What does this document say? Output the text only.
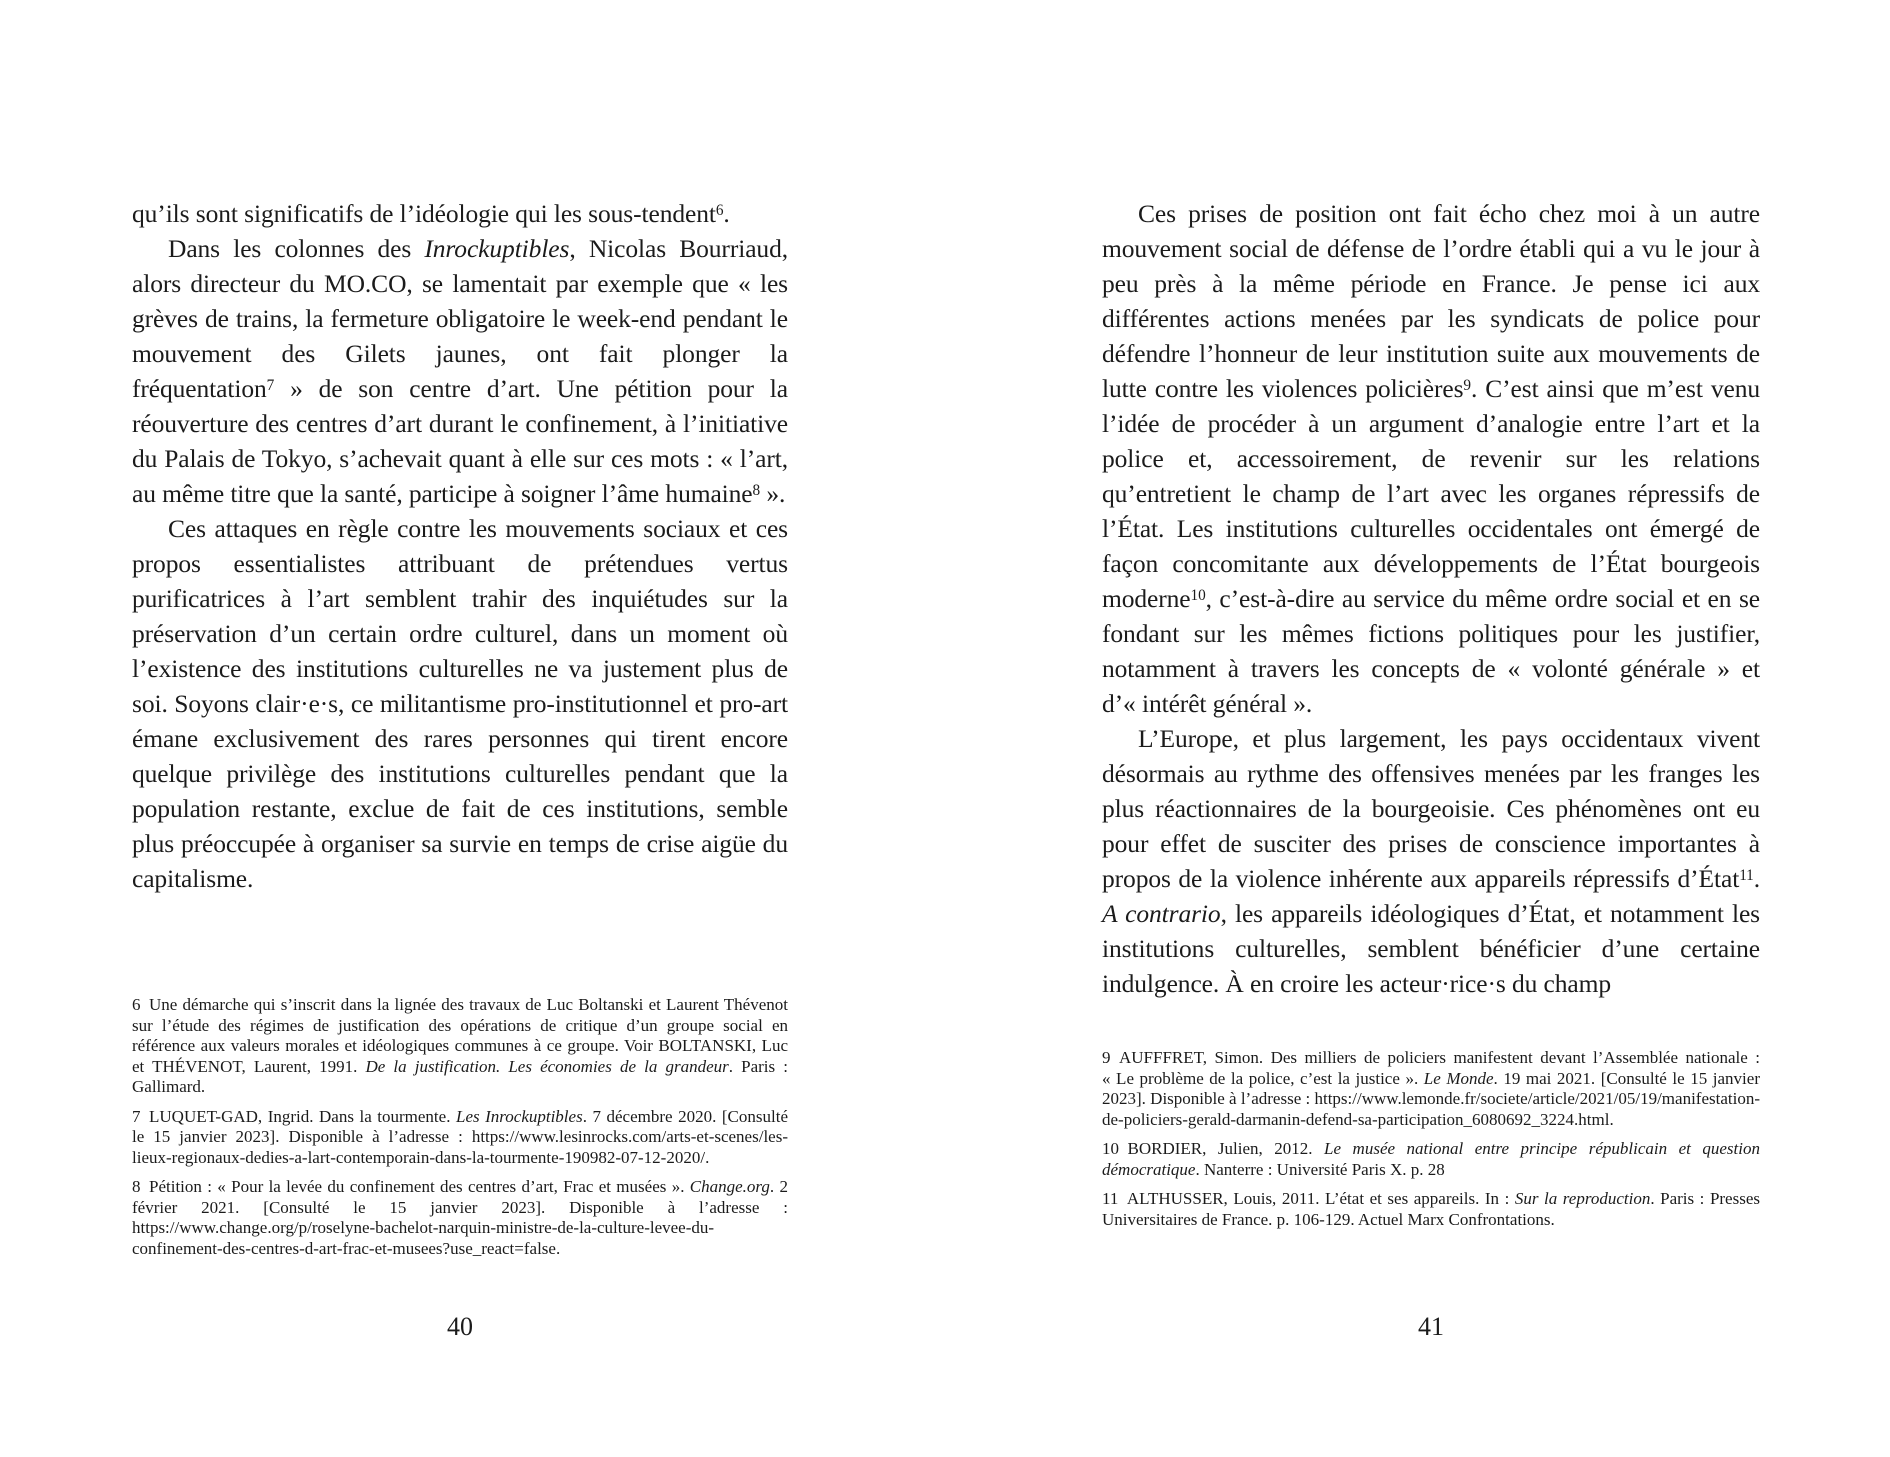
qu’ils sont significatifs de l’idéologie qui les sous-tendent$^6$.

Dans les colonnes des Inrockuptibles, Nicolas Bourriaud, alors directeur du MO.CO, se lamentait par exemple que « les grèves de trains, la fermeture obligatoire le week-end pendant le mouvement des Gilets jaunes, ont fait plonger la fréquentation$^7$ » de son centre d’art. Une pétition pour la réouverture des centres d’art durant le confinement, à l’initiative du Palais de Tokyo, s’achevait quant à elle sur ces mots : « l’art, au même titre que la santé, participe à soigner l’âme humaine$^8$ ».

Ces attaques en règle contre les mouvements sociaux et ces propos essentialistes attribuant de prétendues vertus purificatrices à l’art semblent trahir des inquiétudes sur la préservation d’un certain ordre culturel, dans un moment où l’existence des institutions culturelles ne va justement plus de soi. Soyons clair·e·s, ce militantisme pro-institutionnel et pro-art émane exclusivement des rares personnes qui tirent encore quelque privilège des institutions culturelles pendant que la population restante, exclue de fait de ces institutions, semble plus préoccupée à organiser sa survie en temps de crise aigüe du capitalisme.

6 Une démarche qui s’inscrit dans la lignée des travaux de Luc Boltanski et Laurent Thévenot sur l’étude des régimes de justification des opérations de critique d’un groupe social en référence aux valeurs morales et idéologiques communes à ce groupe. Voir BOLTANSKI, Luc et THÉVENOT, Laurent, 1991. De la justification. Les économies de la grandeur. Paris : Gallimard.

7 LUQUET-GAD, Ingrid. Dans la tourmente. Les Inrockuptibles. 7 décembre 2020. [Consulté le 15 janvier 2023]. Disponible à l’adresse : https://www.lesinrocks.com/arts-et-scenes/les-lieux-regionaux-dedies-a-lart-contemporain-dans-la-tourmente-190982-07-12-2020/.

8 Pétition : « Pour la levée du confinement des centres d’art, Frac et musées ». Change.org. 2 février 2021. [Consulté le 15 janvier 2023]. Disponible à l’adresse : https://www.change.org/p/roselyne-bachelot-narquin-ministre-de-la-culture-levee-du-confinement-des-centres-d-art-frac-et-musees?use_react=false.

40

Ces prises de position ont fait écho chez moi à un autre mouvement social de défense de l’ordre établi qui a vu le jour à peu près à la même période en France. Je pense ici aux différentes actions menées par les syndicats de police pour défendre l’honneur de leur institution suite aux mouvements de lutte contre les violences policières$^9$. C’est ainsi que m’est venu l’idée de procéder à un argument d’analogie entre l’art et la police et, accessoirement, de revenir sur les relations qu’entretient le champ de l’art avec les organes répressifs de l’État. Les institutions culturelles occidentales ont émergé de façon concomitante aux développements de l’État bourgeois moderne$^{10}$, c’est-à-dire au service du même ordre social et en se fondant sur les mêmes fictions politiques pour les justifier, notamment à travers les concepts de « volonté générale » et d’« intérêt général ».

L’Europe, et plus largement, les pays occidentaux vivent désormais au rythme des offensives menées par les franges les plus réactionnaires de la bourgeoisie. Ces phénomènes ont eu pour effet de susciter des prises de conscience importantes à propos de la violence inhérente aux appareils répressifs d’État$^{11}$. A contrario, les appareils idéologiques d’État, et notamment les institutions culturelles, semblent bénéficier d’une certaine indulgence. À en croire les acteur·rice·s du champ

9 AUFFFRET, Simon. Des milliers de policiers manifestent devant l’Assemblée nationale : « Le problème de la police, c’est la justice ». Le Monde. 19 mai 2021. [Consulté le 15 janvier 2023]. Disponible à l’adresse : https://www.lemonde.fr/societe/article/2021/05/19/manifestation-de-policiers-gerald-darmanin-defend-sa-participation_6080692_3224.html.

10 BORDIER, Julien, 2012. Le musée national entre principe républicain et question démocratique. Nanterre : Université Paris X. p. 28

11 ALTHUSSER, Louis, 2011. L’état et ses appareils. In : Sur la reproduction. Paris : Presses Universitaires de France. p. 106-129. Actuel Marx Confrontations.

41
